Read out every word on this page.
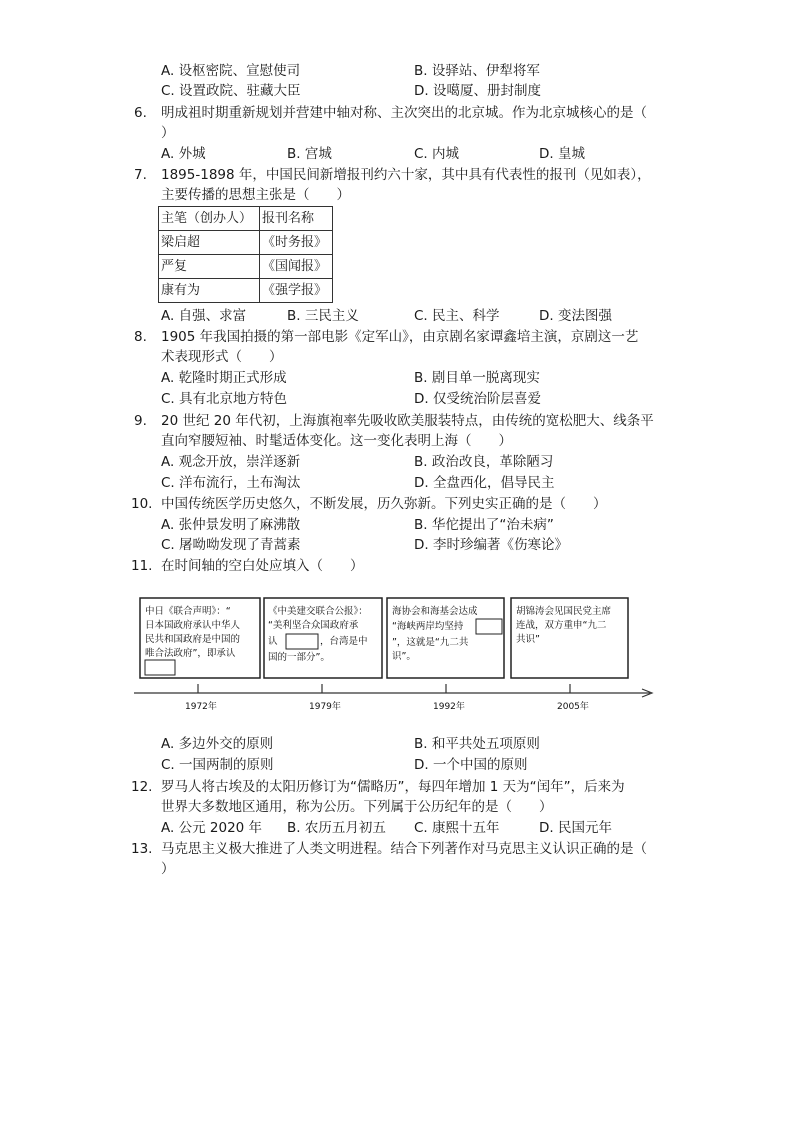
A. 设枢密院、宣慰使司	B. 设驿站、伊犁将军
C. 设置政院、驻藏大臣	D. 设噶厦、册封制度
6. 明成祖时期重新规划并营建中轴对称、主次突出的北京城。作为北京城核心的是（
）
A. 外城	B. 宫城	C. 内城	D. 皇城
7. 1895-1898 年，中国民间新增报刊约六十家，其中具有代表性的报刊（见如表），
主要传播的思想主张是（　　）
主笔（创办人）	报刊名称
梁启超	《时务报》
严复	《国闻报》
康有为	《强学报》
A. 自强、求富	B. 三民主义	C. 民主、科学	D. 变法图强
8. 1905 年我国拍摄的第一部电影《定军山》，由京剧名家谭鑫培主演，京剧这一艺
术表现形式（　　）
A. 乾隆时期正式形成	B. 剧目单一脱离现实
C. 具有北京地方特色	D. 仅受统治阶层喜爱
9. 20 世纪 20 年代初，上海旗袍率先吸收欧美服装特点，由传统的宽松肥大、线条平
直向窄腰短袖、时髦适体变化。这一变化表明上海（　　）
A. 观念开放，崇洋逐新	B. 政治改良，革除陋习
C. 洋布流行，土布淘汰	D. 全盘西化，倡导民主
10. 中国传统医学历史悠久，不断发展，历久弥新。下列史实正确的是（　　）
A. 张仲景发明了麻沸散	B. 华佗提出了“治未病”
C. 屠呦呦发现了青蒿素	D. 李时珍编著《伤寒论》
11. 在时间轴的空白处应填入（　　）
中日《联合声明》：“
日本国政府承认中华人
民共和国政府是中国的
唯合法政府”，即承认
《中美建交联合公报》：
“美利坚合众国政府承
认	，台湾是中
国的一部分”。
海协会和海基会达成
“海峡两岸均坚持
”，这就是“九二共
识”。
胡锦涛会见国民党主席
连战，双方重申“九二
共识”
1972年	1979年	1992年	2005年
A. 多边外交的原则	B. 和平共处五项原则
C. 一国两制的原则	D. 一个中国的原则
12. 罗马人将古埃及的太阳历修订为“儒略历”，每四年增加 1 天为“闰年”，后来为
世界大多数地区通用，称为公历。下列属于公历纪年的是（　　）
A. 公元 2020 年 B. 农历五月初五 C. 康熙十五年	D. 民国元年
13. 马克思主义极大推进了人类文明进程。结合下列著作对马克思主义认识正确的是（
）
